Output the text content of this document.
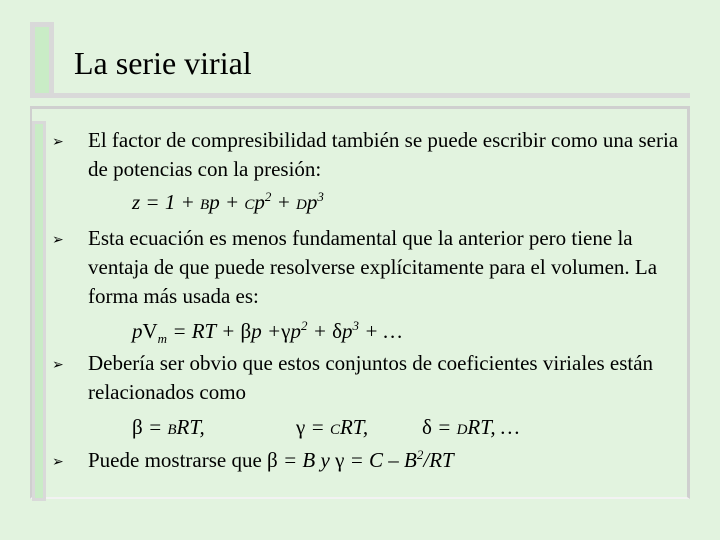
La serie virial
➢ El factor de compresibilidad también se puede escribir como una seria de potencias con la presión:
$z = 1 + Bp + Cp^2 + Dp^3$
➢ Esta ecuación es menos fundamental que la anterior pero tiene la ventaja de que puede resolverse explícitamente para el volumen. La forma más usada es:
$pV_m$ = RT + $\beta p +\gamma p^2 + \delta p^3$ + …
➢ Debería ser obvio que estos conjuntos de coeficientes viriales están relacionados como
β = BRT,	γ = CRT,	δ = DRT, …
➢ Puede mostrarse que β = B y $\gamma = C - B^2/RT$
